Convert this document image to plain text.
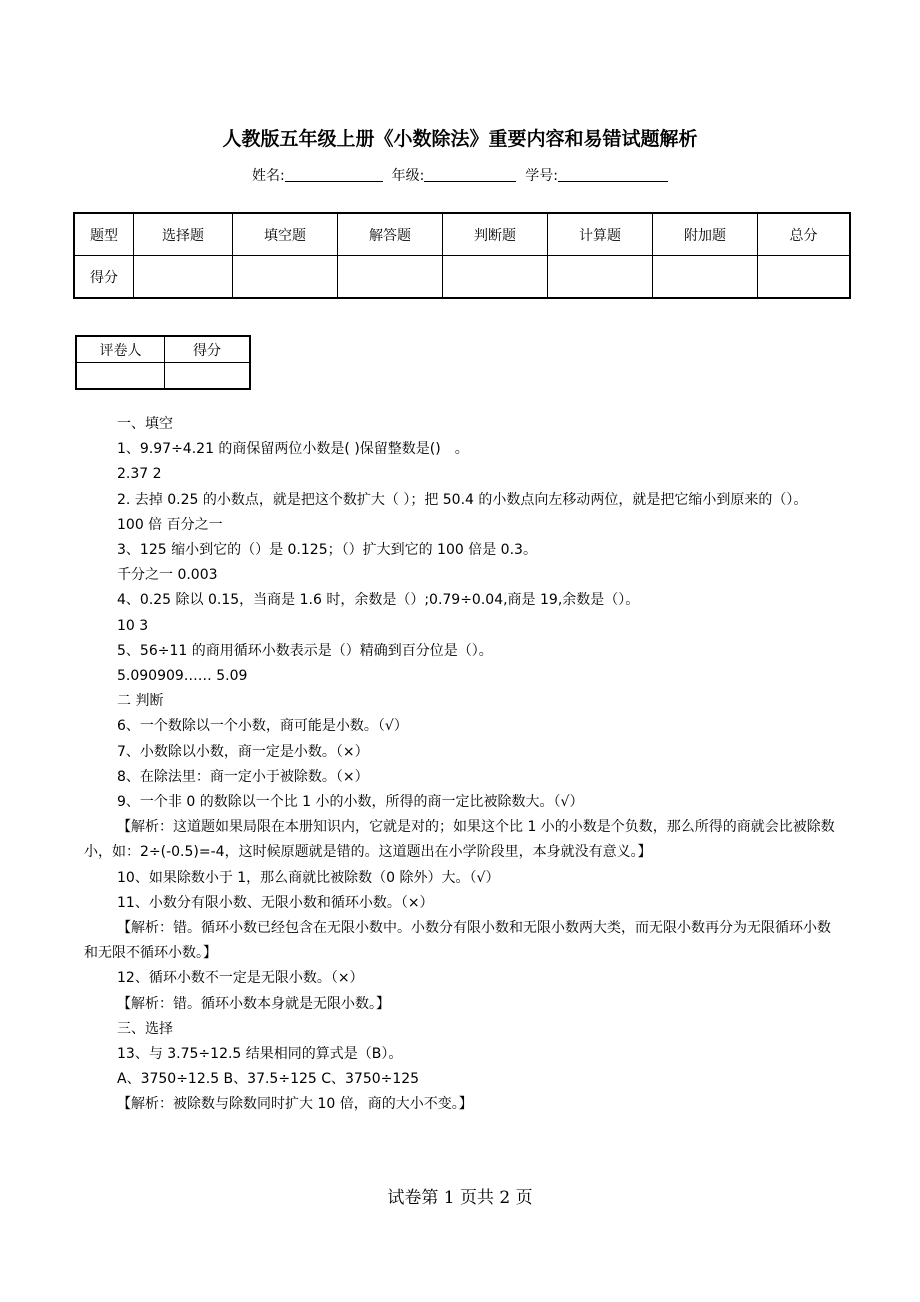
人教版五年级上册《小数除法》重要内容和易错试题解析
姓名:	年级:	学号:
题型	选择题	填空题	解答题	判断题	计算题	附加题	总分
得分							
评卷人	得分

一、填空

1、9.97÷4.21 的商保留两位小数是( )保留整数是()　。

2.37 2

2. 去掉 0.25 的小数点，就是把这个数扩大（ ）；把 50.4 的小数点向左移动两位，就是把它缩小到原来的（）。

100 倍 百分之一

3、125 缩小到它的（）是 0.125；（）扩大到它的 100 倍是 0.3。

千分之一 0.003

4、0.25 除以 0.15，当商是 1.6 时，余数是（）;0.79÷0.04,商是 19,余数是（）。

10 3

5、56÷11 的商用循环小数表示是（）精确到百分位是（）。

5.090909…… 5.09

二 判断

6、一个数除以一个小数，商可能是小数。（√）

7、小数除以小数，商一定是小数。（×）

8、在除法里：商一定小于被除数。（×）

9、一个非 0 的数除以一个比 1 小的小数，所得的商一定比被除数大。（√）

【解析：这道题如果局限在本册知识内，它就是对的；如果这个比 1 小的小数是个负数，那么所得的商就会比被除数小，如：2÷(-0.5)=-4，这时候原题就是错的。这道题出在小学阶段里，本身就没有意义。】

10、如果除数小于 1，那么商就比被除数（0 除外）大。（√）

11、小数分有限小数、无限小数和循环小数。（×）

【解析：错。循环小数已经包含在无限小数中。小数分有限小数和无限小数两大类，而无限小数再分为无限循环小数和无限不循环小数。】

12、循环小数不一定是无限小数。（×）

【解析：错。循环小数本身就是无限小数。】

三、选择

13、与 3.75÷12.5 结果相同的算式是（B）。

A、3750÷12.5 B、37.5÷125 C、3750÷125

【解析：被除数与除数同时扩大 10 倍，商的大小不变。】

试卷第 1 页共 2 页
